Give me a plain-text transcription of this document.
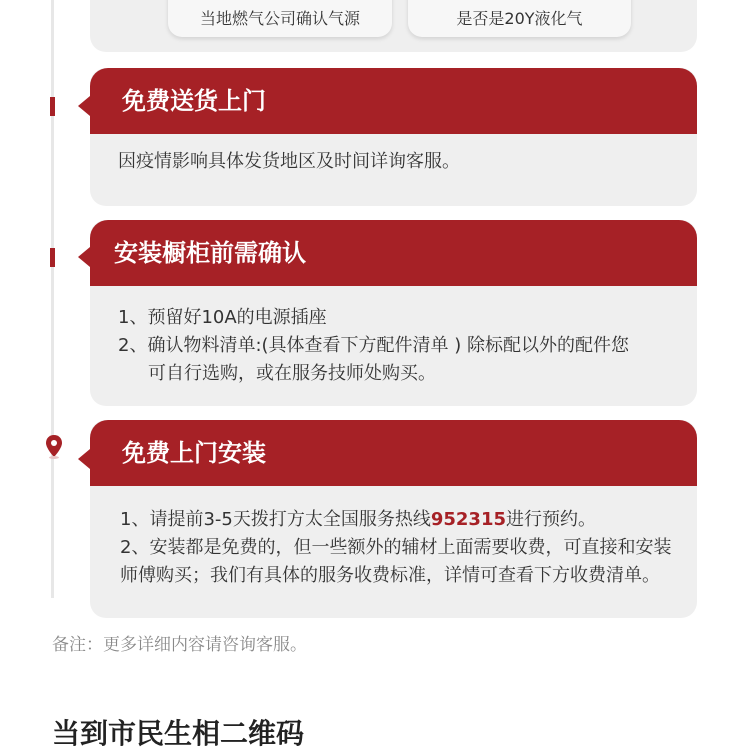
当地燃气公司确认气源	是否是20Y液化气
免费送货上门
因疫情影响具体发货地区及时间详询客服。
安装橱柜前需确认
1、预留好10A的电源插座
2、确认物料清单:(具体查看下方配件清单 ) 除标配以外的配件您
可自行选购，或在服务技师处购买。
免费上门安装
1、请提前3-5天拨打方太全国服务热线952315进行预约。
2、安装都是免费的，但一些额外的辅材上面需要收费，可直接和安装
师傅购买；我们有具体的服务收费标准，详情可查看下方收费清单。
备注：更多详细内容请咨询客服。
当到市民生相二维码
